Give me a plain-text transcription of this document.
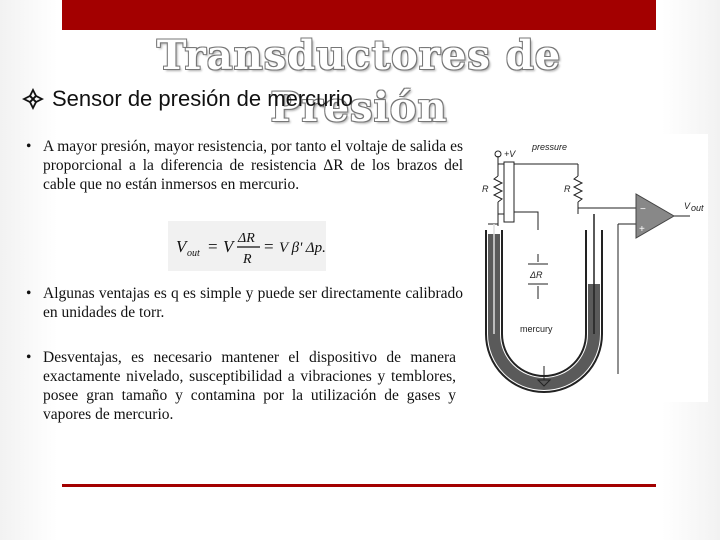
Transductores de Presión
Sensor de presión de mercurio
• A mayor presión, mayor resistencia, por tanto el voltaje de salida es proporcional a la diferencia de resistencia ΔR de los brazos del cable que no están inmersos en mercurio.
V out = V ΔR
R
= V β' Δp.
• Algunas ventajas es q es simple y puede ser directamente calibrado en unidades de torr.
• Desventajas, es necesario mantener el dispositivo de manera exactamente nivelado, susceptibilidad a vibraciones y temblores, posee gran tamaño y contamina por la utilización de gases y vapores de mercurio.
+V
pressure
R	R
−
+
V out
ΔR
mercury
